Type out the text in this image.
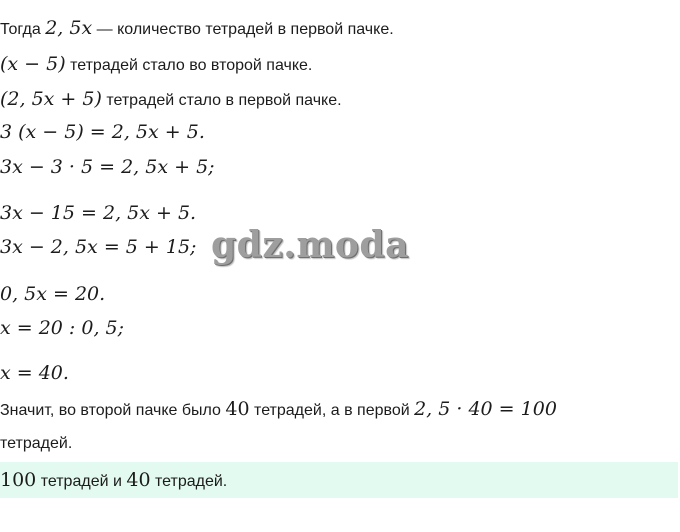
Тогда 2, 5x — количество тетрадей в первой пачке.
(x − 5) тетрадей стало во второй пачке.
(2, 5x + 5) тетрадей стало в первой пачке.
3 (x − 5) = 2, 5x + 5.
3x − 3 · 5 = 2, 5x + 5;
3x − 15 = 2, 5x + 5.
3x − 2, 5x = 5 + 15;
0, 5x = 20.
x = 20 : 0, 5;
x = 40.
Значит, во второй пачке было 40 тетрадей, а в первой 2, 5 · 40 = 100
тетрадей.
100 тетрадей и 40 тетрадей.
gdz.moda
